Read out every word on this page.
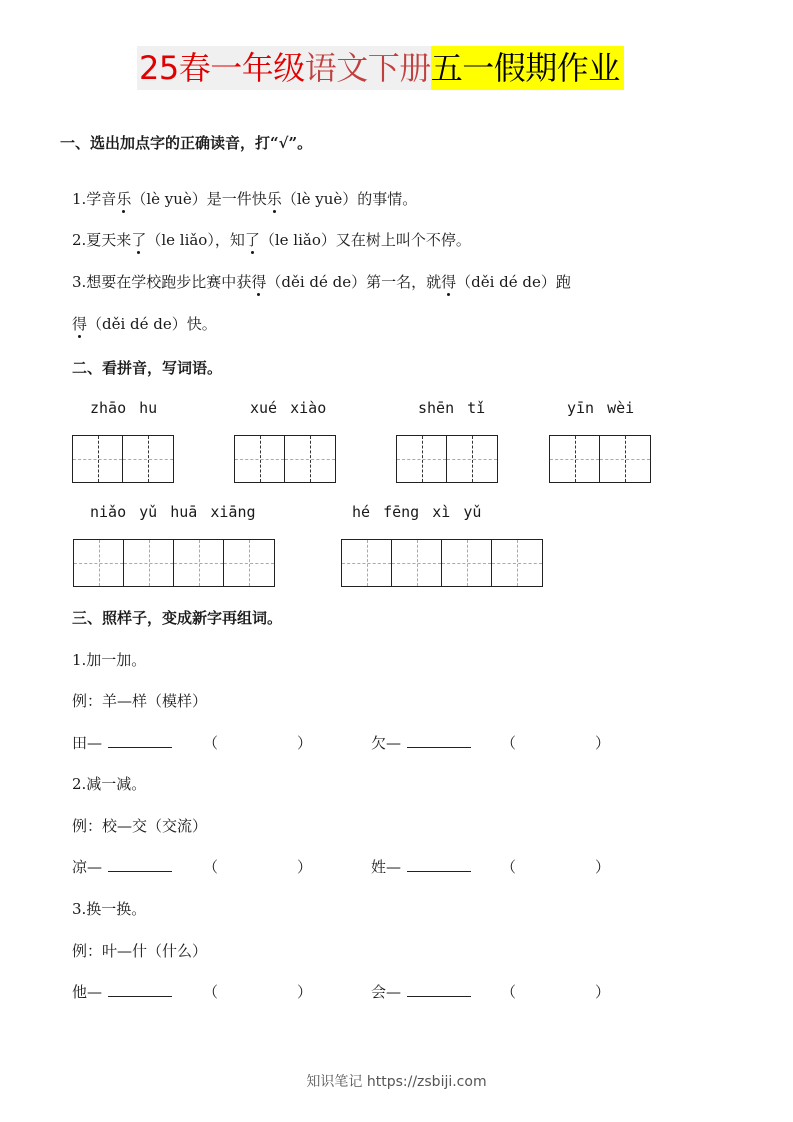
25春一年级 语文下册 五一假期作业
一、选出加点字的正确读音，打“√”。
1.学音乐（lè yuè）是一件快乐（lè yuè）的事情。
2.夏天来了（le liǎo），知了（le liǎo）又在树上叫个不停。
3.想要在学校跑步比赛中获得（děi dé de）第一名，就得（děi dé de）跑
得（děi dé de）快。
二、看拼音，写词语。
zhāo hu	xué xiào	shēn tǐ	yīn wèi
niǎo yǔ huā xiāng	hé fēng xì yǔ
三、照样子，变成新字再组词。
1.加一加。
例：羊—样（模样）
田—	（	）	欠—	（	）
2.减一减。
例：校—交（交流）
凉—	（	）	姓—	（	）
3.换一换。
例：叶—什（什么）
他—	（	）	会—	（	）
知识笔记 https://zsbiji.com
